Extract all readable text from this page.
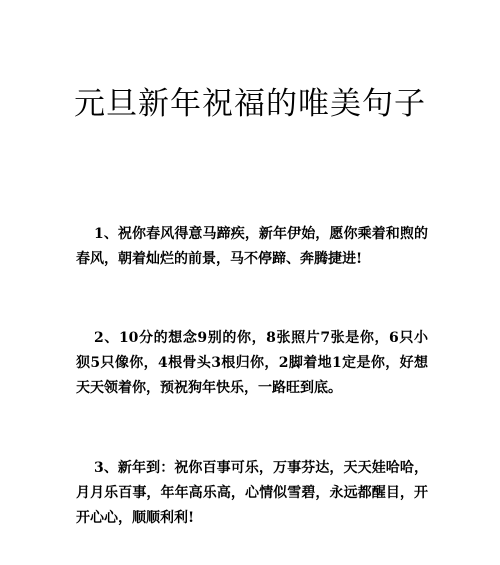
元旦新年祝福的唯美句子

1、祝你春风得意马蹄疾，新年伊始，愿你乘着和煦的春风，朝着灿烂的前景，马不停蹄、奔腾捷进!

2、10分的想念9别的你，8张照片7张是你，6只小狈5只像你，4根骨头3根归你，2脚着地1定是你，好想天天领着你，预祝狗年快乐，一路旺到底。

3、新年到：祝你百事可乐，万事芬达，天天娃哈哈，月月乐百事，年年高乐高，心情似雪碧，永远都醒目，开开心心，顺顺利利!
